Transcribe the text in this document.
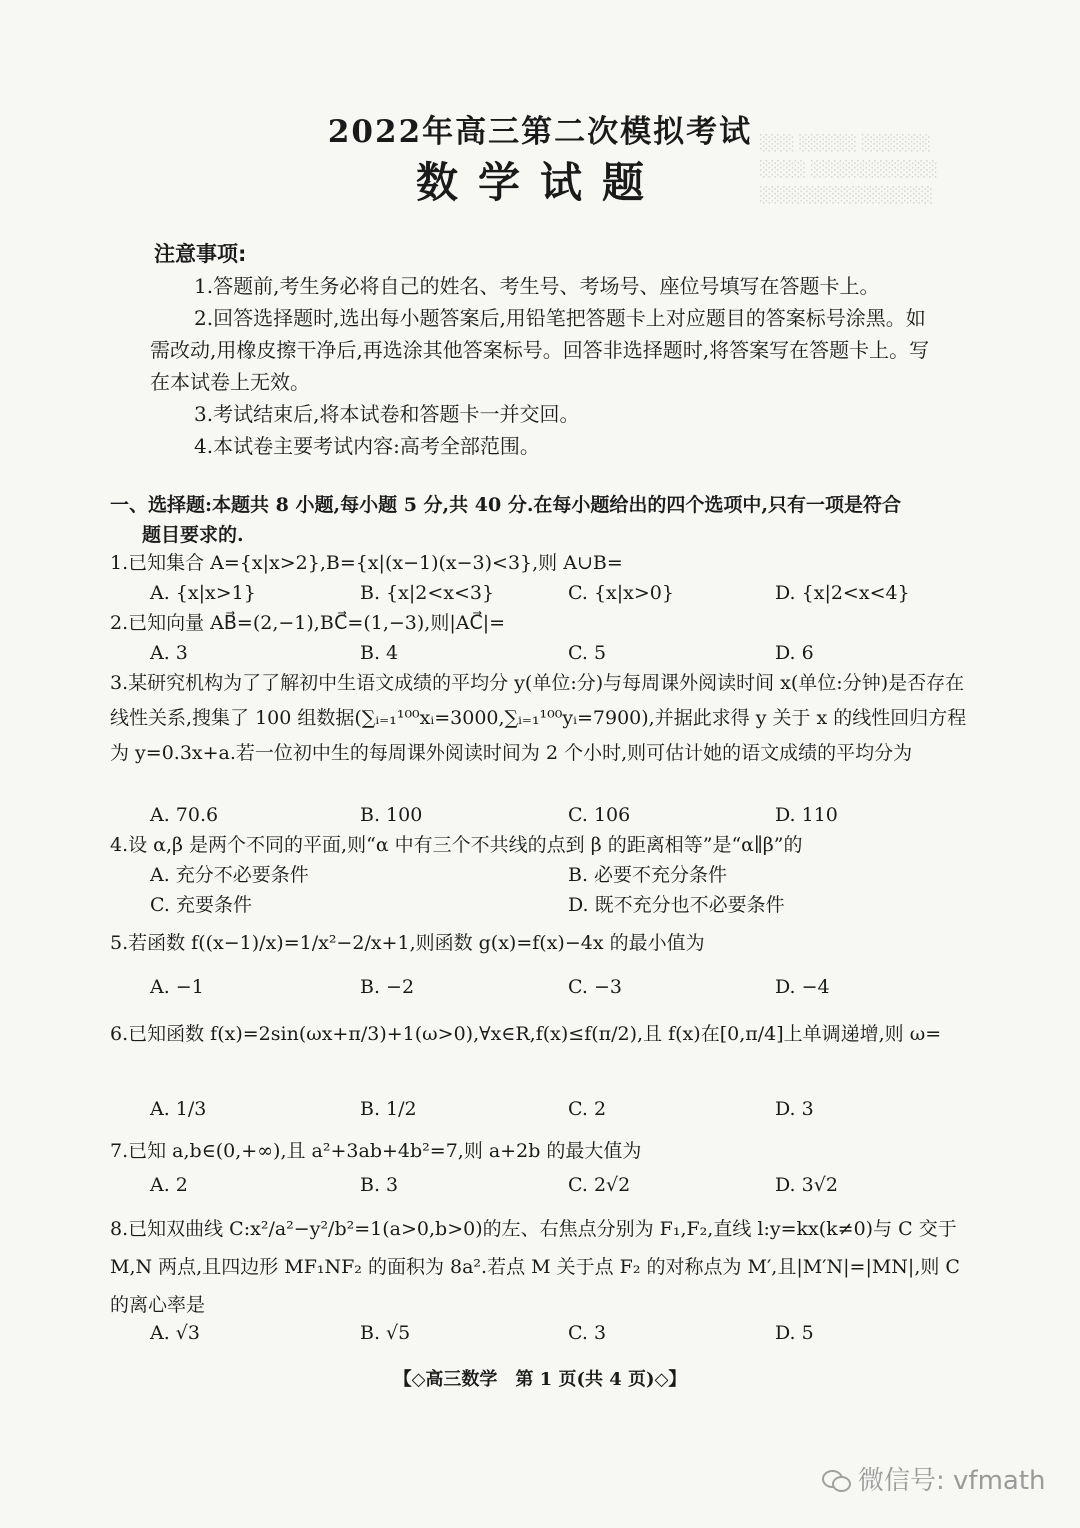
░░░ ░░░░░ ░░░░░░
░░░░ ░░░░░░░░░░░
░░░░░░░░░░░░░░░
2022年高三第二次模拟考试
数学试题
注意事项:

1.答题前,考生务必将自己的姓名、考生号、考场号、座位号填写在答题卡上。

2.回答选择题时,选出每小题答案后,用铅笔把答题卡上对应题目的答案标号涂黑。如需改动,用橡皮擦干净后,再选涂其他答案标号。回答非选择题时,将答案写在答题卡上。写在本试卷上无效。

3.考试结束后,将本试卷和答题卡一并交回。

4.本试卷主要考试内容:高考全部范围。

一、选择题:本题共 8 小题,每小题 5 分,共 40 分.在每小题给出的四个选项中,只有一项是符合
题目要求的.
1.已知集合 A={x|x>2},B={x|(x−1)(x−3)<3},则 A∪B=
A. {x|x>1}	B. {x|2<x<3}	C. {x|x>0}	D. {x|2<x<4}
2.已知向量 AB⃗=(2,−1),BC⃗=(1,−3),则|AC⃗|=
A. 3	B. 4	C. 5	D. 6
3.某研究机构为了了解初中生语文成绩的平均分 y(单位:分)与每周课外阅读时间 x(单位:分钟)是否存在线性关系,搜集了 100 组数据(∑ᵢ₌₁¹⁰⁰xᵢ=3000,∑ᵢ₌₁¹⁰⁰yᵢ=7900),并据此求得 y 关于 x 的线性回归方程为 y=0.3x+a.若一位初中生的每周课外阅读时间为 2 个小时,则可估计她的语文成绩的平均分为
A. 70.6	B. 100	C. 106	D. 110
4.设 α,β 是两个不同的平面,则“α 中有三个不共线的点到 β 的距离相等”是“α∥β”的
A. 充分不必要条件	B. 必要不充分条件
C. 充要条件	D. 既不充分也不必要条件
5.若函数 f((x−1)/x)=1/x²−2/x+1,则函数 g(x)=f(x)−4x 的最小值为
A. −1	B. −2	C. −3	D. −4
6.已知函数 f(x)=2sin(ωx+π/3)+1(ω>0),∀x∈R,f(x)≤f(π/2),且 f(x)在[0,π/4]上单调递增,则 ω=
A. 1/3	B. 1/2	C. 2	D. 3
7.已知 a,b∈(0,+∞),且 a²+3ab+4b²=7,则 a+2b 的最大值为
A. 2	B. 3	C. 2√2	D. 3√2
8.已知双曲线 C:x²/a²−y²/b²=1(a>0,b>0)的左、右焦点分别为 F₁,F₂,直线 l:y=kx(k≠0)与 C 交于 M,N 两点,且四边形 MF₁NF₂ 的面积为 8a².若点 M 关于点 F₂ 的对称点为 M′,且|M′N|=|MN|,则 C 的离心率是
A. √3	B. √5	C. 3	D. 5
【◇高三数学　第 1 页(共 4 页)◇】
微信号: vfmath
